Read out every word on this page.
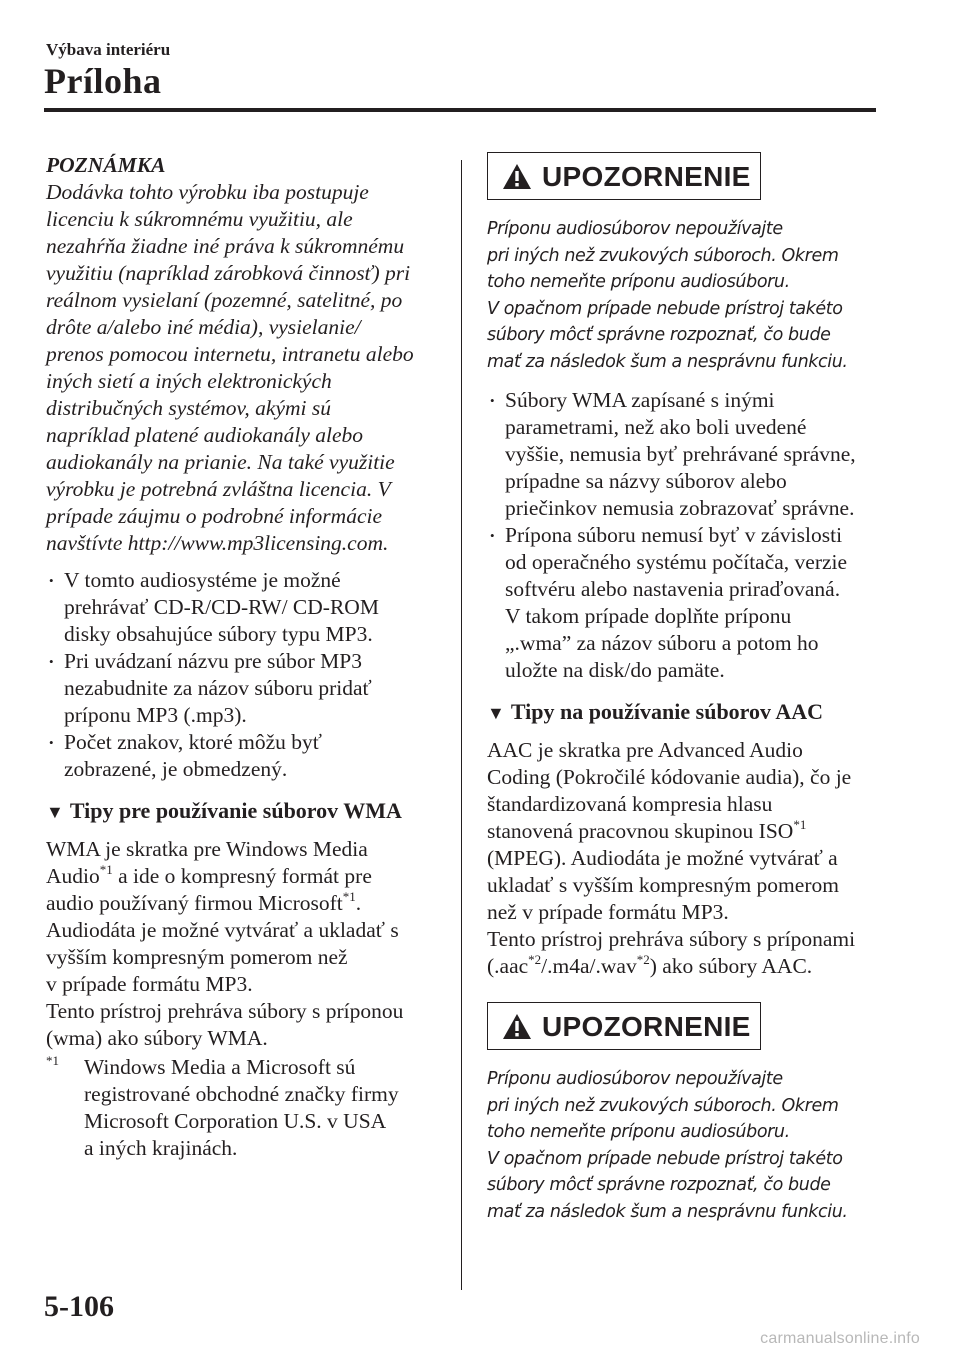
Výbava interiéru
Príloha
POZNÁMKA
Dodávka tohto výrobku iba postupuje
licenciu k súkromnému využitiu, ale
nezahŕňa žiadne iné práva k súkromnému
využitiu (napríklad zárobková činnosť) pri
reálnom vysielaní (pozemné, satelitné, po
drôte a/alebo iné média), vysielanie/
prenos pomocou internetu, intranetu alebo
iných sietí a iných elektronických
distribučných systémov, akými sú
napríklad platené audiokanály alebo
audiokanály na prianie. Na také využitie
výrobku je potrebná zvláštna licencia. V
prípade záujmu o podrobné informácie
navštívte http://www.mp3licensing.com.
• V tomto audiosystéme je možné
prehrávať CD-R/CD-RW/ CD-ROM
disky obsahujúce súbory typu MP3.
• Pri uvádzaní názvu pre súbor MP3
nezabudnite za názov súboru pridať
príponu MP3 (.mp3).
• Počet znakov, ktoré môžu byť
zobrazené, je obmedzený.
▼ Tipy pre používanie súborov WMA
WMA je skratka pre Windows Media
Audio$^{*1}$ a ide o kompresný formát pre
audio používaný firmou Microsoft$^{*1}$.
Audiodáta je možné vytvárať a ukladať s
vyšším kompresným pomerom než
v prípade formátu MP3.
Tento prístroj prehráva súbory s príponou
(wma) ako súbory WMA.
$^{*1}$ Windows Media a Microsoft sú
registrované obchodné značky firmy
Microsoft Corporation U.S. v USA
a iných krajinách.
UPOZORNENIE
Príponu audiosúborov nepoužívajte
pri iných než zvukových súboroch. Okrem
toho nemeňte príponu audiosúboru.
V opačnom prípade nebude prístroj takéto
súbory môcť správne rozpoznať, čo bude
mať za následok šum a nesprávnu funkciu.
• Súbory WMA zapísané s inými
parametrami, než ako boli uvedené
vyššie, nemusia byť prehrávané správne,
prípadne sa názvy súborov alebo
priečinkov nemusia zobrazovať správne.
• Prípona súboru nemusí byť v závislosti
od operačného systému počítača, verzie
softvéru alebo nastavenia priraďovaná.
V takom prípade doplňte príponu
„.wma” za názov súboru a potom ho
uložte na disk/do pamäte.
▼ Tipy na používanie súborov AAC
AAC je skratka pre Advanced Audio
Coding (Pokročilé kódovanie audia), čo je
štandardizovaná kompresia hlasu
stanovená pracovnou skupinou ISO$^{*1}$
(MPEG). Audiodáta je možné vytvárať a
ukladať s vyšším kompresným pomerom
než v prípade formátu MP3.
Tento prístroj prehráva súbory s príponami
(.aac$^{*2}$/.m4a/.wav$^{*2}$) ako súbory AAC.
UPOZORNENIE
Príponu audiosúborov nepoužívajte
pri iných než zvukových súboroch. Okrem
toho nemeňte príponu audiosúboru.
V opačnom prípade nebude prístroj takéto
súbory môcť správne rozpoznať, čo bude
mať za následok šum a nesprávnu funkciu.
5-106
carmanualsonline.info
